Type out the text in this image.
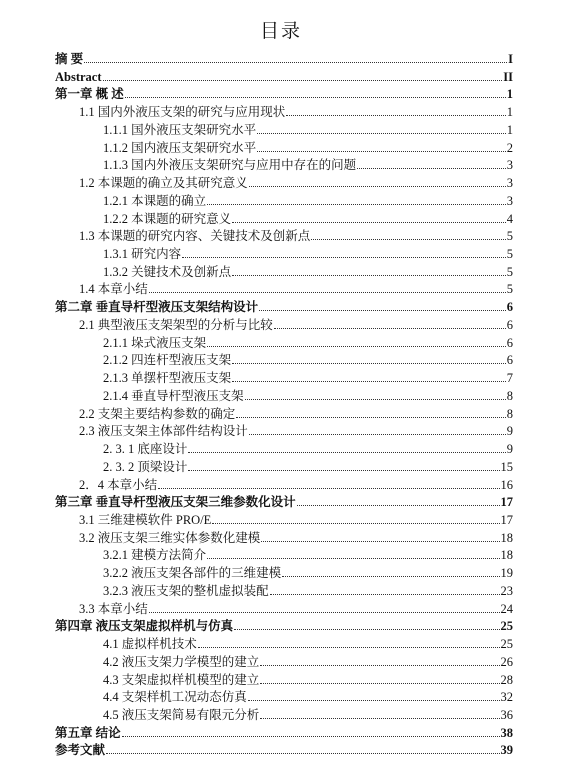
目录
摘 要	I
Abstract	II
第一章 概 述	1
1.1 国内外液压支架的研究与应用现状	1
1.1.1 国外液压支架研究水平	1
1.1.2 国内液压支架研究水平	2
1.1.3 国内外液压支架研究与应用中存在的问题	3
1.2 本课题的确立及其研究意义	3
1.2.1 本课题的确立	3
1.2.2 本课题的研究意义	4
1.3 本课题的研究内容、关键技术及创新点	5
1.3.1 研究内容	5
1.3.2 关键技术及创新点	5
1.4 本章小结	5
第二章 垂直导杆型液压支架结构设计	6
2.1 典型液压支架架型的分析与比较	6
2.1.1 垛式液压支架	6
2.1.2 四连杆型液压支架	6
2.1.3 单摆杆型液压支架	7
2.1.4 垂直导杆型液压支架	8
2.2 支架主要结构参数的确定	8
2.3 液压支架主体部件结构设计	9
2. 3. 1 底座设计	9
2. 3. 2 顶梁设计	15
2．4 本章小结	16
第三章 垂直导杆型液压支架三维参数化设计	17
3.1 三维建模软件 PRO/E	17
3.2 液压支架三维实体参数化建模	18
3.2.1 建模方法简介	18
3.2.2 液压支架各部件的三维建模	19
3.2.3 液压支架的整机虚拟装配	23
3.3 本章小结	24
第四章 液压支架虚拟样机与仿真	25
4.1 虚拟样机技术	25
4.2 液压支架力学模型的建立	26
4.3 支架虚拟样机模型的建立	28
4.4 支架样机工况动态仿真	32
4.5 液压支架简易有限元分析	36
第五章 结论	38
参考文献	39
